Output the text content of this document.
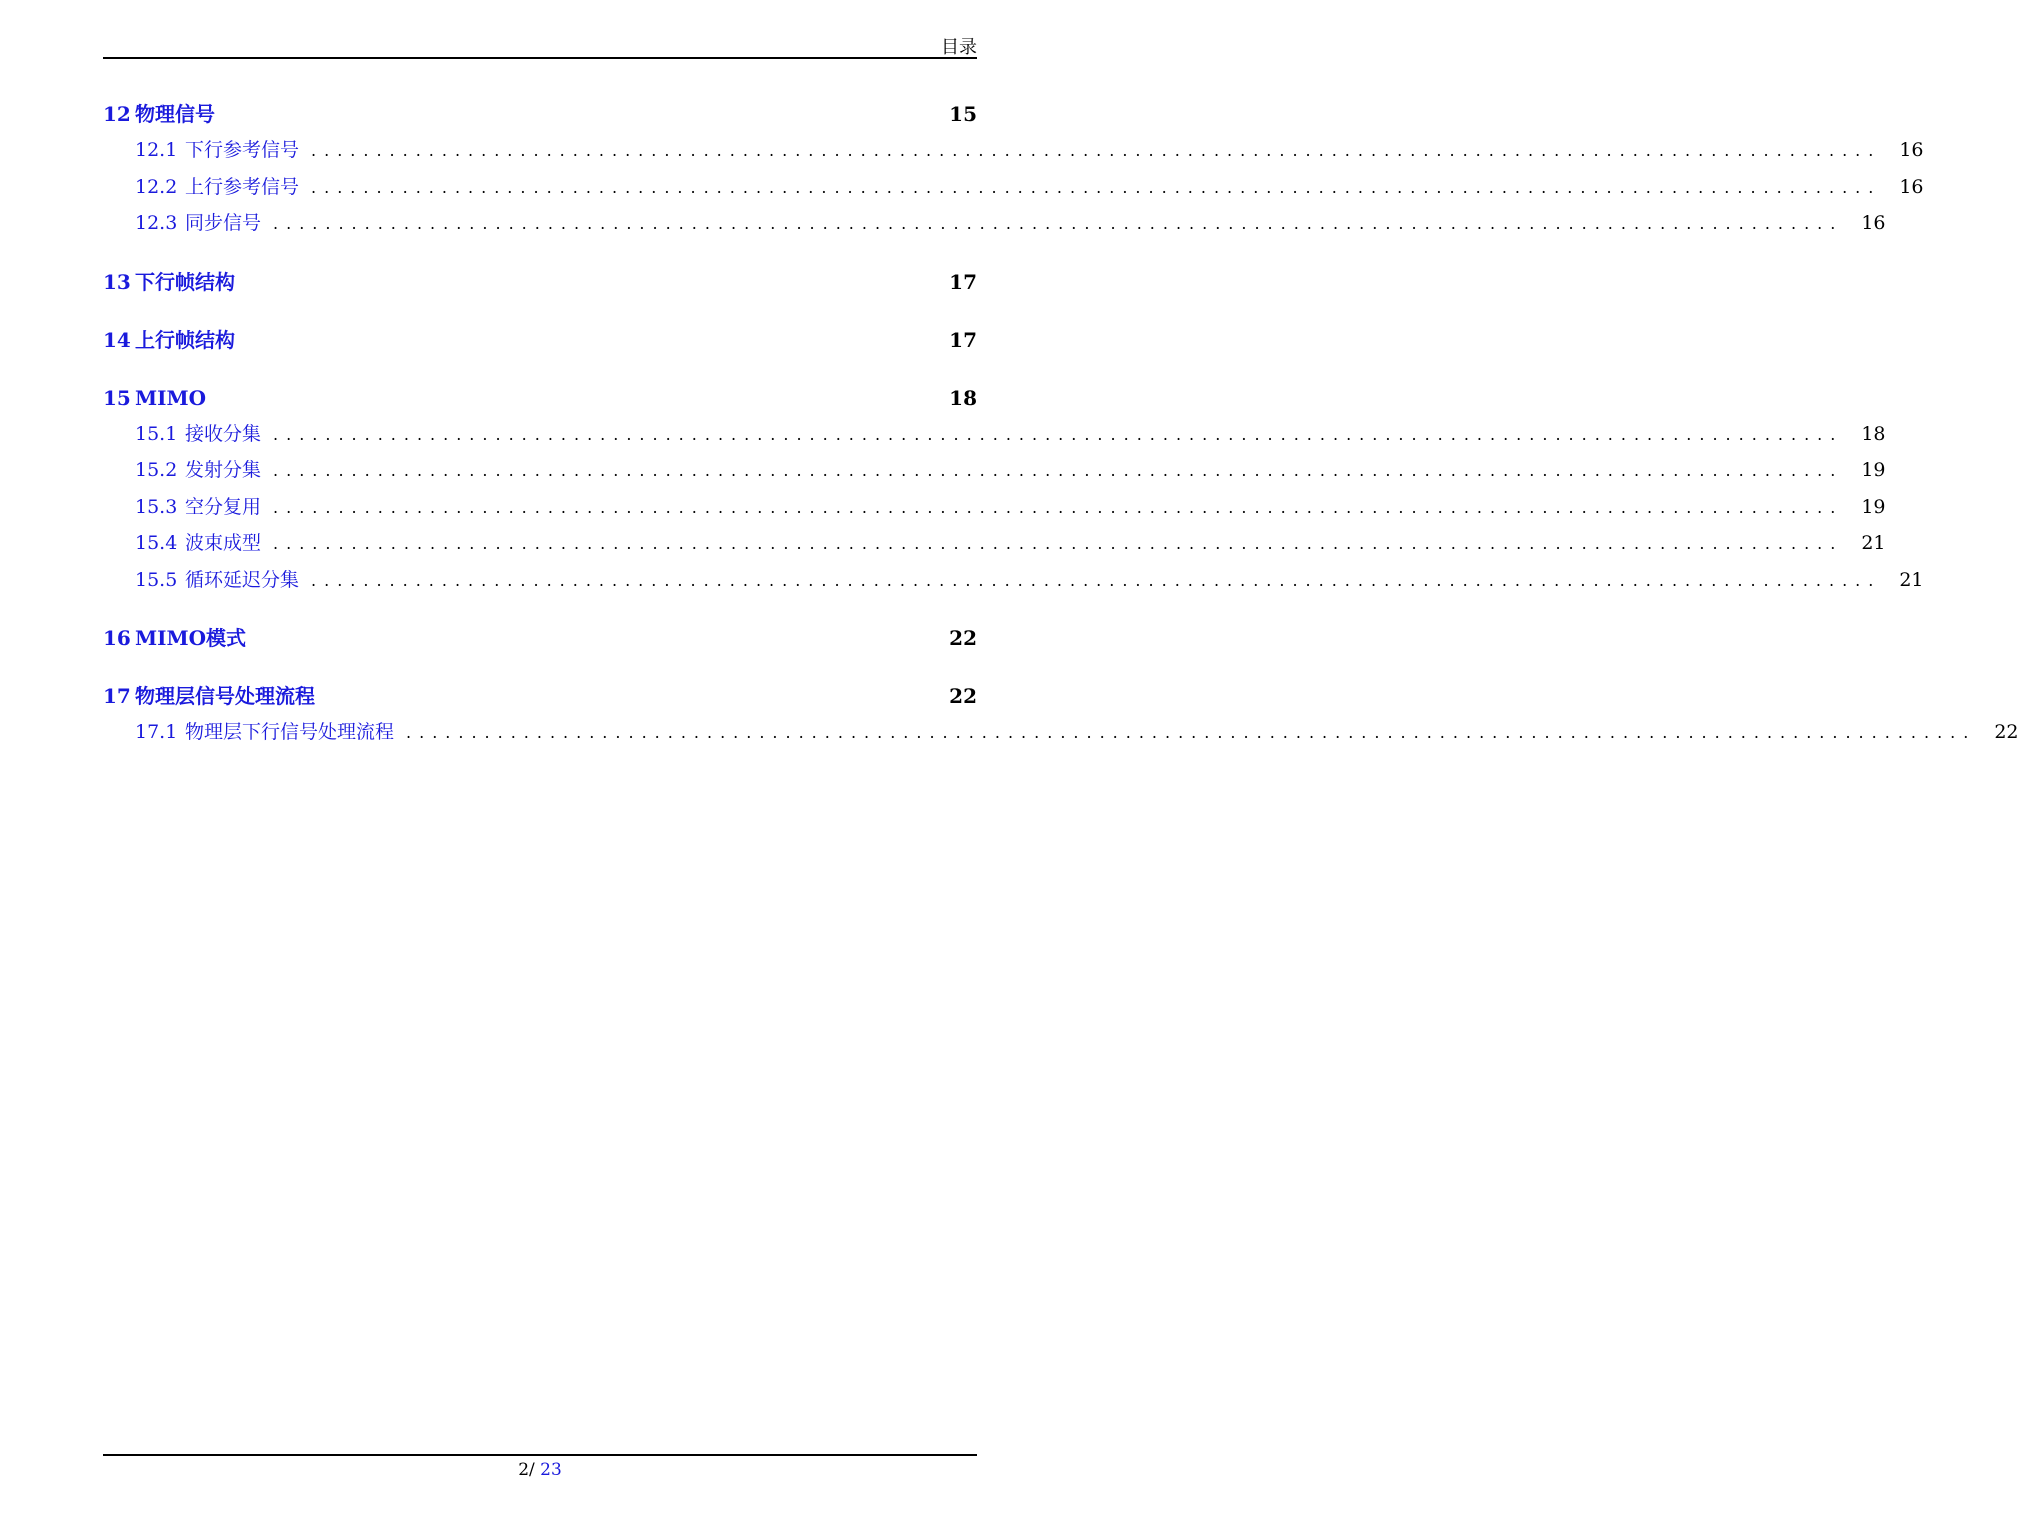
目录
12 物理信号	15
12.1 下行参考信号 ........................................................................................................................ 16
12.2 上行参考信号 ........................................................................................................................ 16
12.3 同步信号 ........................................................................................................................ 16
13 下行帧结构	17
14 上行帧结构	17
15 MIMO	18
15.1 接收分集 ........................................................................................................................ 18
15.2 发射分集 ........................................................................................................................ 19
15.3 空分复用 ........................................................................................................................ 19
15.4 波束成型 ........................................................................................................................ 21
15.5 循环延迟分集 ........................................................................................................................ 21
16 MIMO模式	22
17 物理层信号处理流程	22
17.1 物理层下行信号处理流程 ........................................................................................................................ 22
2/ 23
